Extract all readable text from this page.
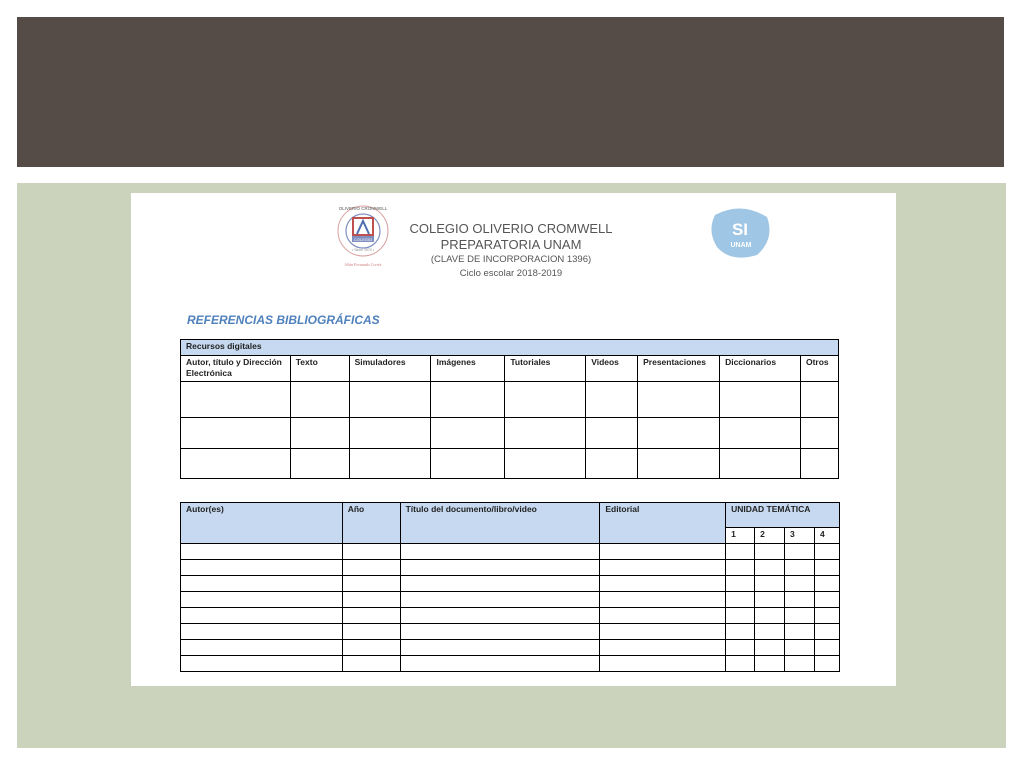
COLEGIO
OLIVERIO CROMWELL
• Since 1970 •
Silán Fernando Cortés
COLEGIO OLIVERIO CROMWELL
PREPARATORIA UNAM
(CLAVE DE INCORPORACION 1396)
Ciclo escolar 2018-2019
SI
UNAM
REFERENCIAS BIBLIOGRÁFICAS
Recursos digitales								
Autor, título y Dirección Electrónica	Texto	Simuladores	Imágenes	Tutoriales	Videos	Presentaciones	Diccionarios	Otros

Autor(es)	Año	Título del documento/libro/video	Editorial	UNIDAD TEMÁTICA			
				1	2	3	4
